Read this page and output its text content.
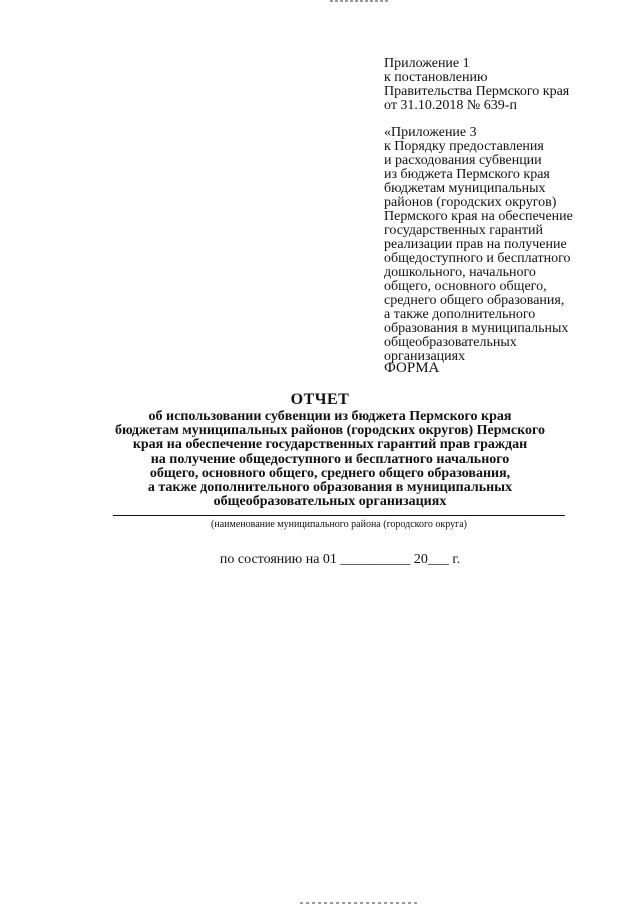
Приложение 1
к постановлению
Правительства Пермского края
от 31.10.2018 № 639-п
«Приложение 3
к Порядку предоставления
и расходования субвенции
из бюджета Пермского края
бюджетам муниципальных
районов (городских округов)
Пермского края на обеспечение
государственных гарантий
реализации прав на получение
общедоступного и бесплатного
дошкольного, начального
общего, основного общего,
среднего общего образования,
а также дополнительного
образования в муниципальных
общеобразовательных
организациях
ФОРМА
ОТЧЕТ
об использовании субвенции из бюджета Пермского края
бюджетам муниципальных районов (городских округов) Пермского
края на обеспечение государственных гарантий прав граждан
на получение общедоступного и бесплатного начального
общего, основного общего, среднего общего образования,
а также дополнительного образования в муниципальных
общеобразовательных организациях
(наименование муниципального района (городского округа)
по состоянию на 01 __________ 20___ г.
